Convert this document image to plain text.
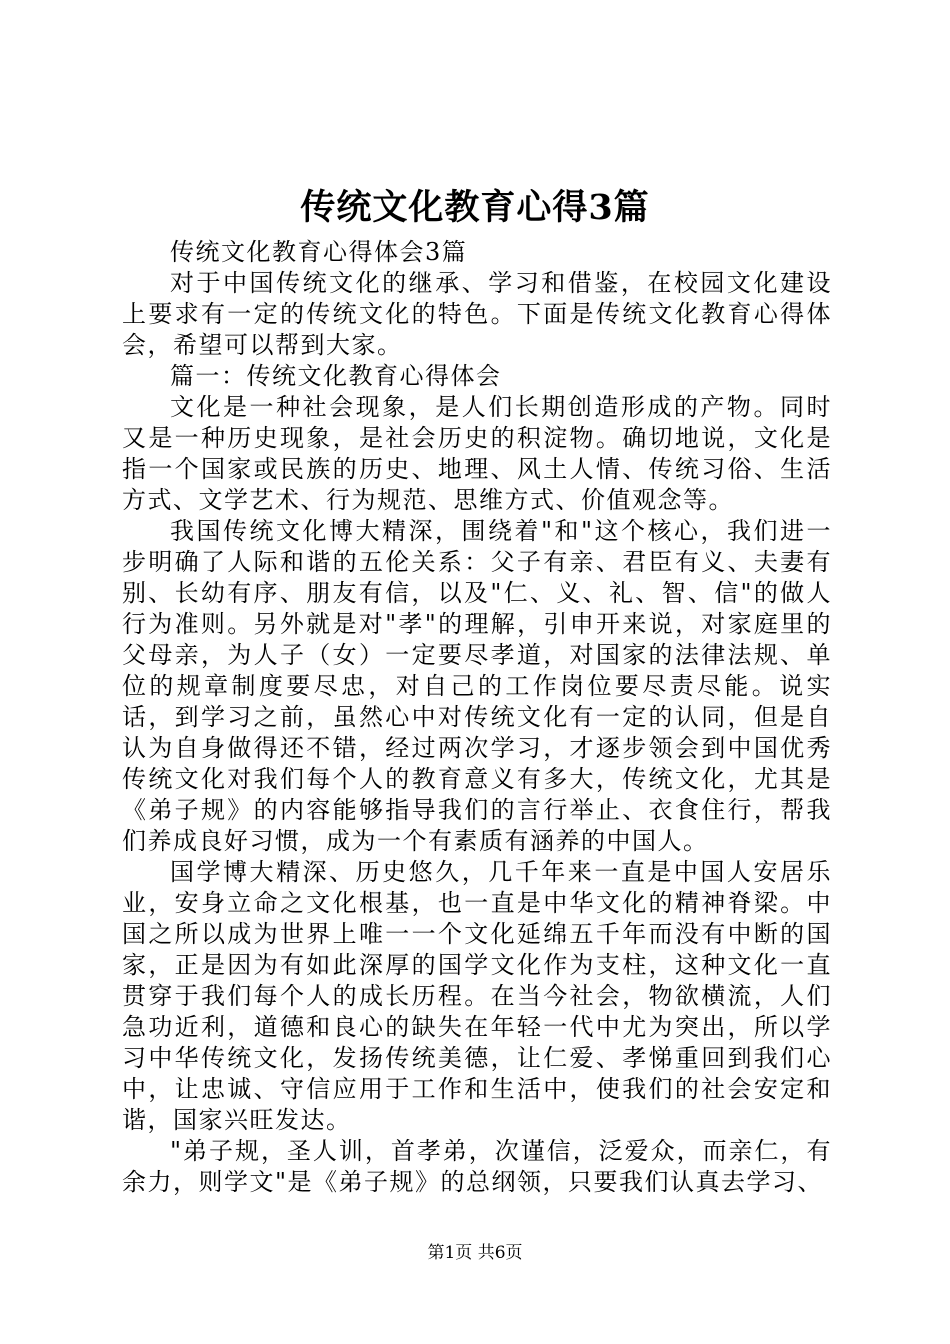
传统文化教育心得3篇

传统文化教育心得体会3篇

对于中国传统文化的继承、学习和借鉴，在校园文化建设上要求有一定的传统文化的特色。下面是传统文化教育心得体会，希望可以帮到大家。

篇一：传统文化教育心得体会

文化是一种社会现象，是人们长期创造形成的产物。同时又是一种历史现象，是社会历史的积淀物。确切地说，文化是指一个国家或民族的历史、地理、风土人情、传统习俗、生活方式、文学艺术、行为规范、思维方式、价值观念等。

我国传统文化博大精深，围绕着"和"这个核心，我们进一步明确了人际和谐的五伦关系：父子有亲、君臣有义、夫妻有别、长幼有序、朋友有信，以及"仁、义、礼、智、信"的做人行为准则。另外就是对"孝"的理解，引申开来说，对家庭里的父母亲，为人子（女）一定要尽孝道，对国家的法律法规、单位的规章制度要尽忠，对自己的工作岗位要尽责尽能。说实话，到学习之前，虽然心中对传统文化有一定的认同，但是自认为自身做得还不错，经过两次学习，才逐步领会到中国优秀传统文化对我们每个人的教育意义有多大，传统文化，尤其是《弟子规》的内容能够指导我们的言行举止、衣食住行，帮我们养成良好习惯，成为一个有素质有涵养的中国人。

国学博大精深、历史悠久，几千年来一直是中国人安居乐业，安身立命之文化根基，也一直是中华文化的精神脊梁。中国之所以成为世界上唯一一个文化延绵五千年而没有中断的国家，正是因为有如此深厚的国学文化作为支柱，这种文化一直贯穿于我们每个人的成长历程。在当今社会，物欲横流，人们急功近利，道德和良心的缺失在年轻一代中尤为突出，所以学习中华传统文化，发扬传统美德，让仁爱、孝悌重回到我们心中，让忠诚、守信应用于工作和生活中，使我们的社会安定和谐，国家兴旺发达。

"弟子规，圣人训，首孝弟，次谨信，泛爱众，而亲仁，有余力，则学文"是《弟子规》的总纲领，只要我们认真去学习、

第1页 共6页
